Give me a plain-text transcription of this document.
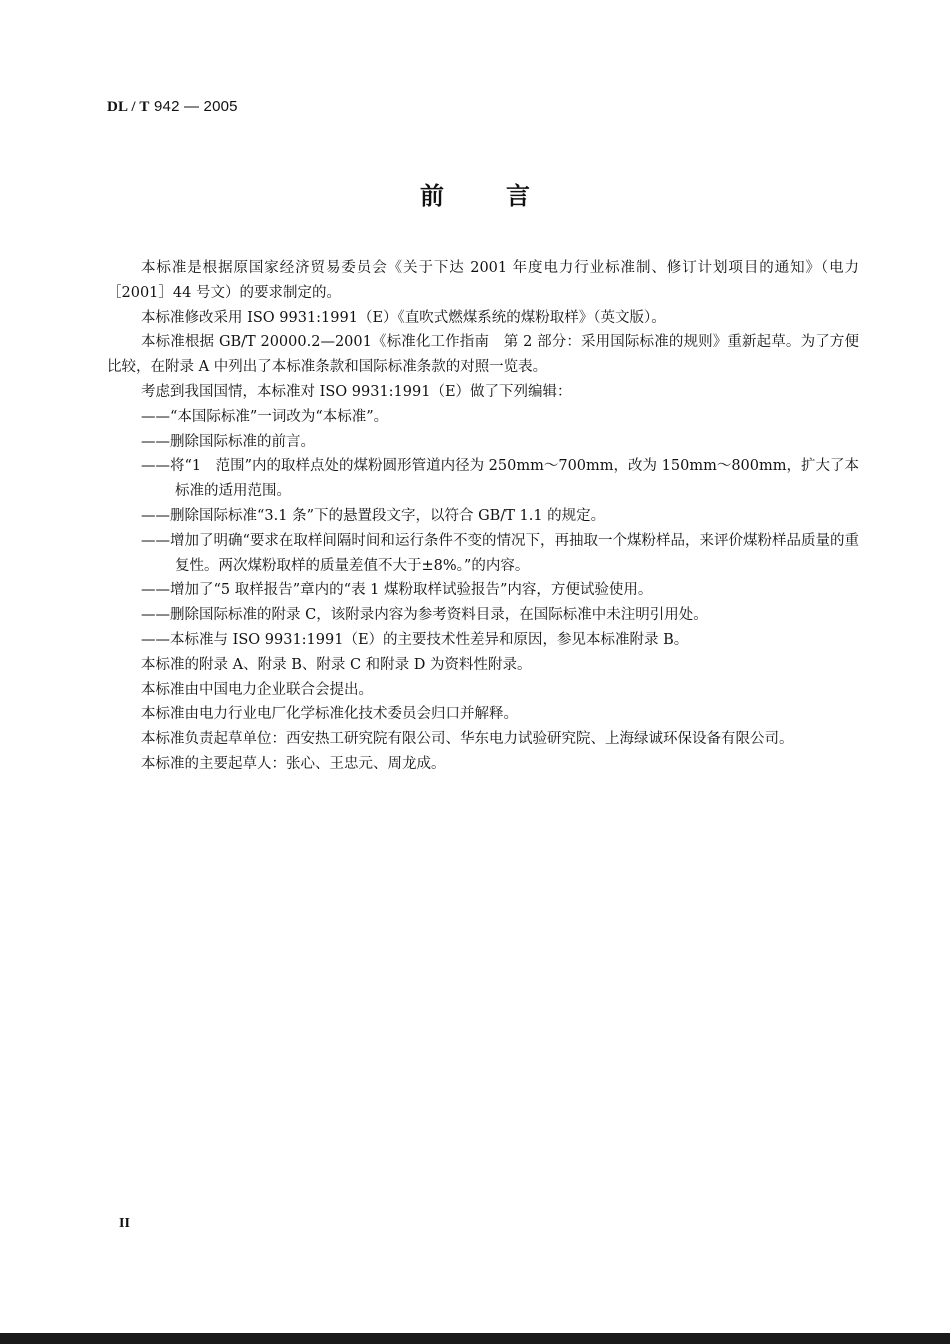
DL / T 942 — 2005
前	言

本标准是根据原国家经济贸易委员会《关于下达 2001 年度电力行业标准制、修订计划项目的通知》（电力［2001］44 号文）的要求制定的。

本标准修改采用 ISO 9931:1991（E）《直吹式燃煤系统的煤粉取样》（英文版）。

本标准根据 GB/T 20000.2—2001《标准化工作指南　第 2 部分：采用国际标准的规则》重新起草。为了方便比较，在附录 A 中列出了本标准条款和国际标准条款的对照一览表。

考虑到我国国情，本标准对 ISO 9931:1991（E）做了下列编辑：

——“本国际标准”一词改为“本标准”。

——删除国际标准的前言。

——将“1　范围”内的取样点处的煤粉圆形管道内径为 250mm～700mm，改为 150mm～800mm，扩大了本标准的适用范围。

——删除国际标准“3.1 条”下的悬置段文字，以符合 GB/T 1.1 的规定。

——增加了明确“要求在取样间隔时间和运行条件不变的情况下，再抽取一个煤粉样品，来评价煤粉样品质量的重复性。两次煤粉取样的质量差值不大于±8%。”的内容。

——增加了“5 取样报告”章内的“表 1 煤粉取样试验报告”内容，方便试验使用。

——删除国际标准的附录 C，该附录内容为参考资料目录，在国际标准中未注明引用处。

——本标准与 ISO 9931:1991（E）的主要技术性差异和原因，参见本标准附录 B。

本标准的附录 A、附录 B、附录 C 和附录 D 为资料性附录。

本标准由中国电力企业联合会提出。

本标准由电力行业电厂化学标准化技术委员会归口并解释。

本标准负责起草单位：西安热工研究院有限公司、华东电力试验研究院、上海绿诚环保设备有限公司。

本标准的主要起草人：张心、王忠元、周龙成。

II
